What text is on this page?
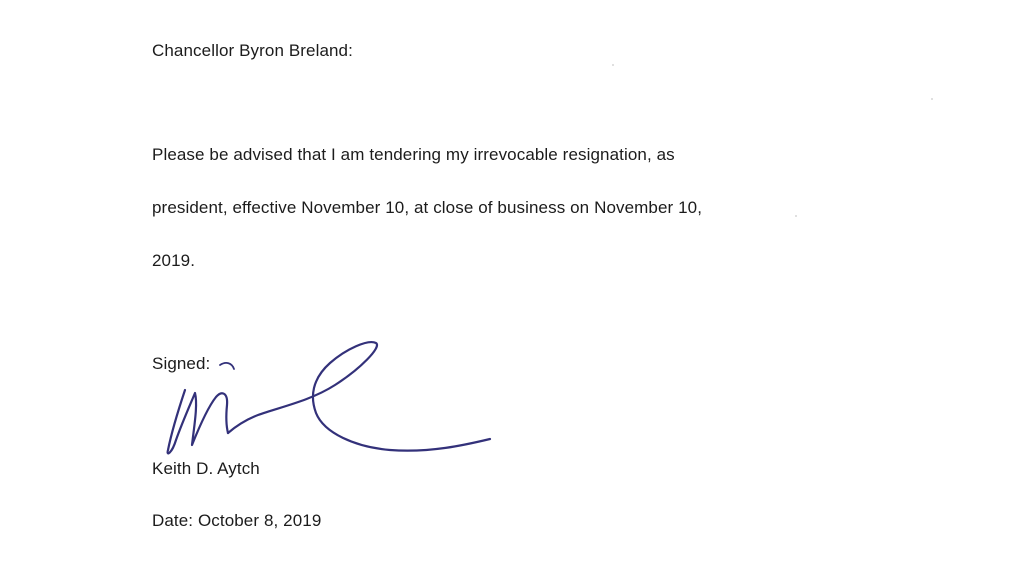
Chancellor Byron Breland:
Please be advised that I am tendering my irrevocable resignation, as
president, effective November 10, at close of business on November 10,
2019.
Signed:
Keith D. Aytch
Date: October 8, 2019
